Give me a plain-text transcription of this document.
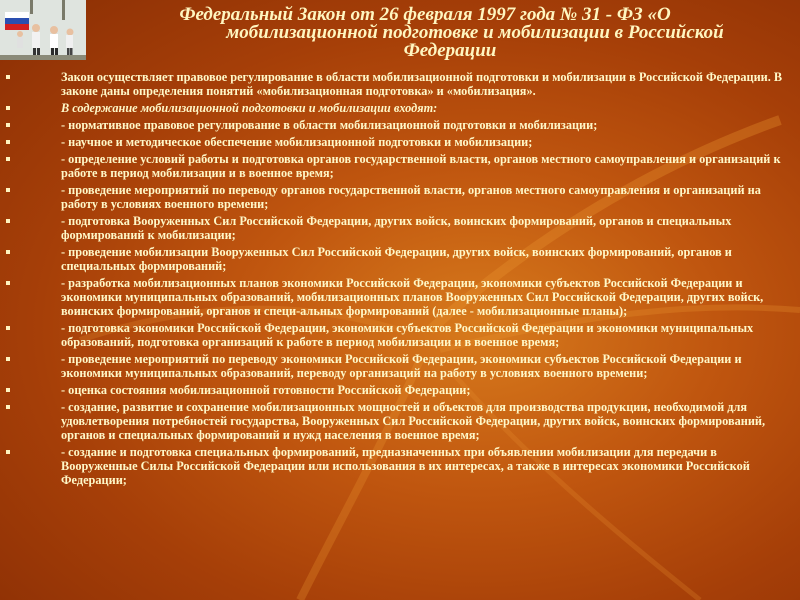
Федеральный Закон от 26 февраля 1997 года № 31 - ФЗ «О
мобилизационной подготовке и мобилизации в Российской
Федерации
Закон осуществляет правовое регулирование в области мобилизационной подготовки и мобилизации в Российской Федерации. В законе даны определения понятий «мобилизационная подготовка» и «мобилизация».
В содержание мобилизационной подготовки и мобилизации входят:
- нормативное правовое регулирование в области мобилизационной подготовки и мобилизации;
- научное и методическое обеспечение мобилизационной подготовки и мобилизации;
- определение условий работы и подготовка органов государственной власти, органов местного самоуправления и организаций к работе в период мобилизации и в военное время;
- проведение мероприятий по переводу органов государственной власти, органов местного самоуправления и организаций на работу в условиях военного времени;
- подготовка Вооруженных Сил Российской Федерации, других войск, воинских формирований, органов и специальных формирований к мобилизации;
- проведение мобилизации Вооруженных Сил Российской Федерации, других войск, воинских формирований, органов и специальных формирований;
- разработка мобилизационных планов экономики Российской Федерации, экономики субъектов Российской Федерации и экономики муниципальных образований, мобилизационных планов Вооруженных Сил Российской Федерации, других войск, воинских формирований, органов и специ-альных формирований (далее - мобилизационные планы);
- подготовка экономики Российской Федерации, экономики субъектов Российской Федерации и экономики муниципальных образований, подготовка организаций к работе в период мобилизации и в военное время;
- проведение мероприятий по переводу экономики Российской Федерации, экономики субъектов Российской Федерации и экономики муниципальных образований, переводу организаций на работу в условиях военного времени;
- оценка состояния мобилизационной готовности Российской Федерации;
- создание, развитие и сохранение мобилизационных мощностей и объектов для производства продукции, необходимой для удовлетворения потребностей государства, Вооруженных Сил Российской Федерации, других войск, воинских формирований, органов и специальных формирований и нужд населения в военное время;
- создание и подготовка специальных формирований, предназначенных при объявлении мобилизации для передачи в Вооруженные Силы Российской Федерации или использования в их интересах, а также в интересах экономики Российской Федерации;
